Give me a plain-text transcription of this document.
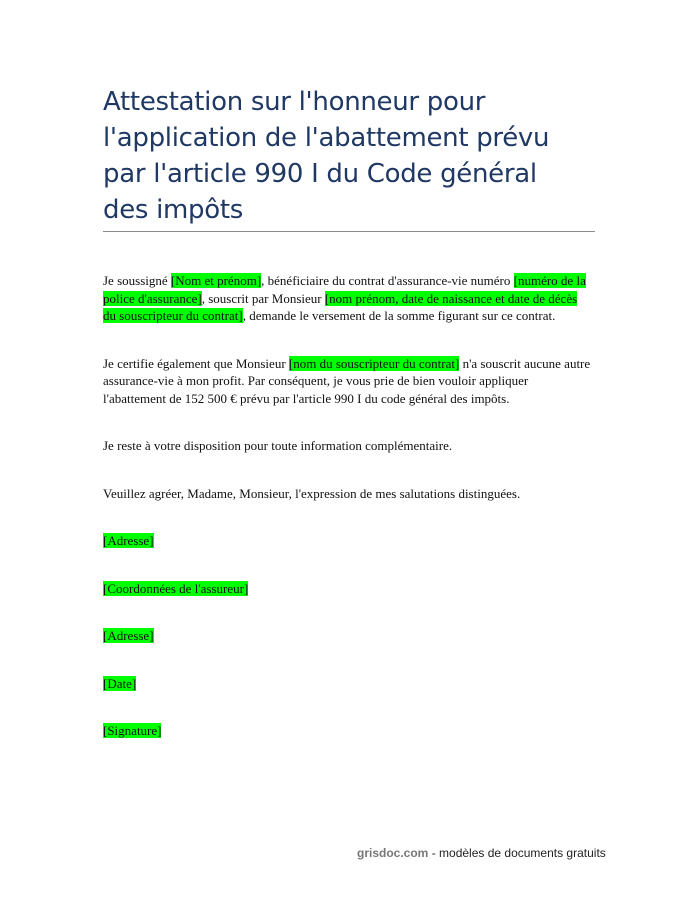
Attestation sur l'honneur pour l'application de l'abattement prévu par l'article 990 I du Code général des impôts

Je soussigné [Nom et prénom], bénéficiaire du contrat d'assurance-vie numéro [numéro de la police d'assurance], souscrit par Monsieur [nom prénom, date de naissance et date de décès du souscripteur du contrat], demande le versement de la somme figurant sur ce contrat.

Je certifie également que Monsieur [nom du souscripteur du contrat] n'a souscrit aucune autre assurance-vie à mon profit. Par conséquent, je vous prie de bien vouloir appliquer l'abattement de 152 500 € prévu par l'article 990 I du code général des impôts.

Je reste à votre disposition pour toute information complémentaire.

Veuillez agréer, Madame, Monsieur, l'expression de mes salutations distinguées.

[Adresse]

[Coordonnées de l'assureur]

[Adresse]

[Date]

[Signature]

grisdoc.com - modèles de documents gratuits
